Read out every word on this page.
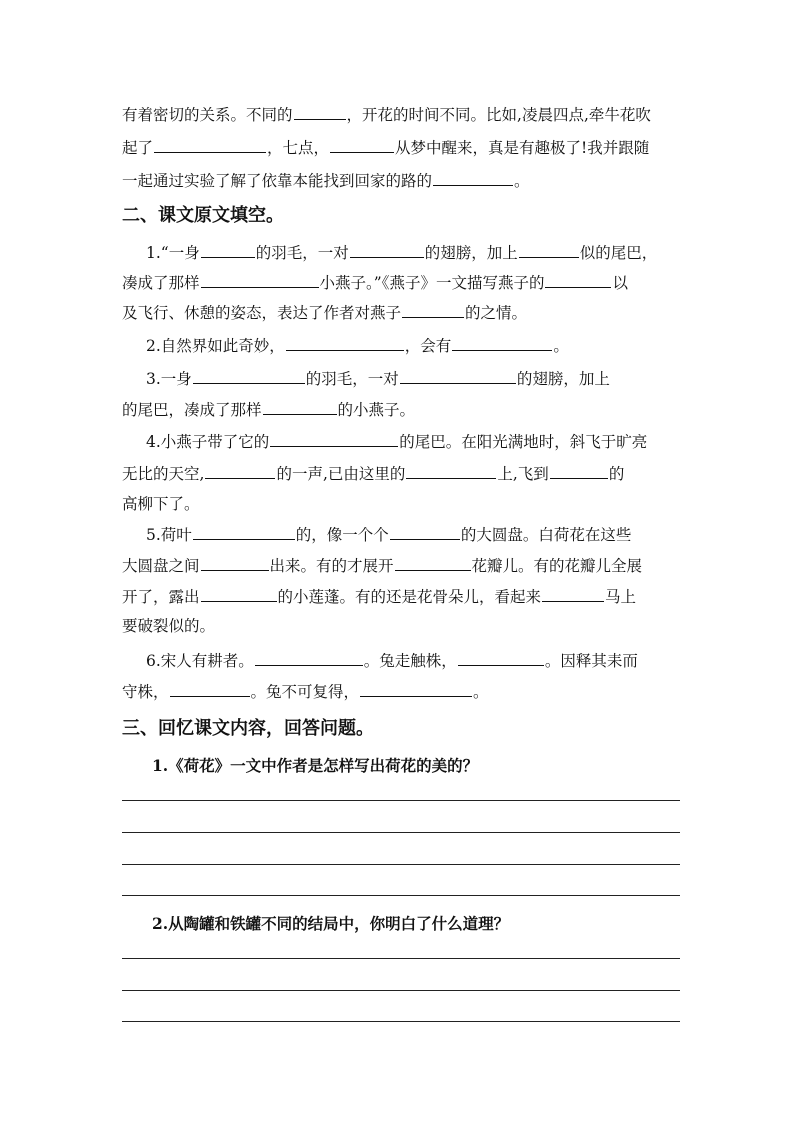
有着密切的关系。不同的	，开花的时间不同。比如,凌晨四点,牵牛花吹
起了	，七点，	从梦中醒来，真是有趣极了!我并跟随
一起通过实验了解了依靠本能找到回家的路的	。
二、课文原文填空。
1.“一身	的羽毛，一对	的翅膀，加上	似的尾巴，
凑成了那样	小燕子。”《燕子》一文描写燕子的	以
及飞行、休憩的姿态，表达了作者对燕子	的之情。
2.自然界如此奇妙，	，会有	。
3.一身	的羽毛，一对	的翅膀，加上
的尾巴，凑成了那样	的小燕子。
4.小燕子带了它的	的尾巴。在阳光满地时，斜飞于旷亮
无比的天空,	的一声,已由这里的	上,飞到	的
高柳下了。
5.荷叶	的，像一个个	的大圆盘。白荷花在这些
大圆盘之间	出来。有的才展开	花瓣儿。有的花瓣儿全展
开了，露出	的小莲蓬。有的还是花骨朵儿，看起来	马上
要破裂似的。
6.宋人有耕者。	。兔走触株，	。因释其耒而
守株，	。兔不可复得，	。
三、回忆课文内容，回答问题。
1.《荷花》一文中作者是怎样写出荷花的美的？
2.从陶罐和铁罐不同的结局中，你明白了什么道理？
